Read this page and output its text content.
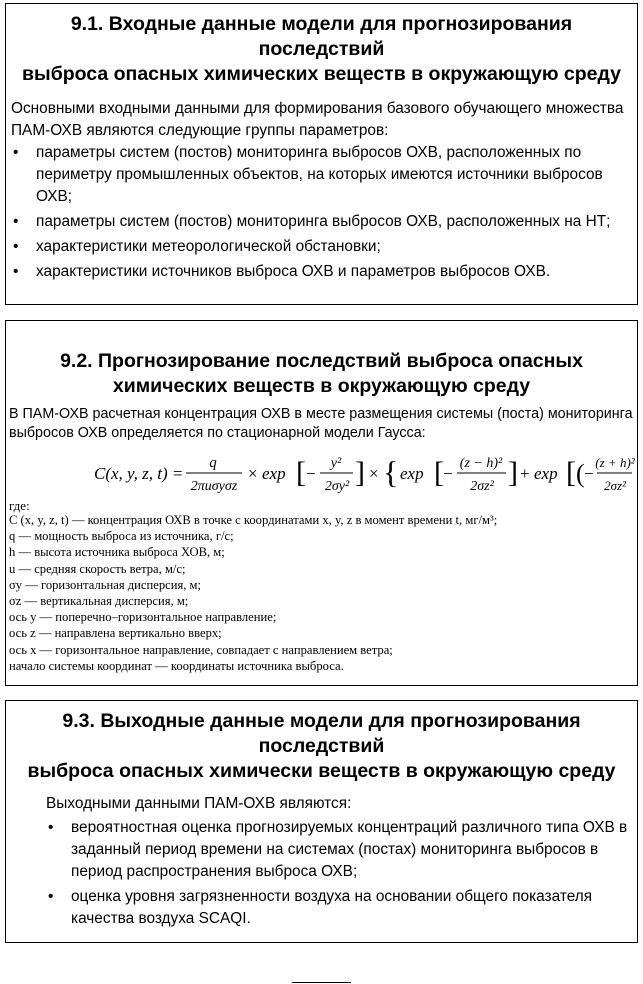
9.1. Входные данные модели для прогнозирования последствий
выброса опасных химических веществ в окружающую среду

Основными входными данными для формирования базового обучающего множества ПАМ-ОХВ являются следующие группы параметров:

• параметры систем (постов) мониторинга выбросов ОХВ, расположенных по периметру промышленных объектов, на которых имеются источники выбросов ОХВ;
• параметры систем (постов) мониторинга выбросов ОХВ, расположенных на НТ;
• характеристики метеорологической обстановки;
• характеристики источников выброса ОХВ и параметров выбросов ОХВ.
9.2. Прогнозирование последствий выброса опасных
химических веществ в окружающую среду

В ПАМ-ОХВ расчетная концентрация ОХВ в месте размещения системы (поста) мониторинга выбросов ОХВ определяется по стационарной модели Гаусса:

C(x, y, z, t) =
q
2πuσyσz
× exp [ −
y²
2σy² ] × { exp [ −
(z − h)²
2σz² ] + exp [ ( −
(z + h)²
2σz²
где:
C (x, y, z, t) — концентрация ОХВ в точке с координатами x, y, z в момент времени t, мг/м³;
q — мощность выброса из источника, г/с;
h — высота источника выброса ХОВ, м;
u — средняя скорость ветра, м/с;
σy — горизонтальная дисперсия, м;
σz — вертикальная дисперсия, м;
ось y — поперечно–горизонтальное направление;
ось z — направлена вертикально вверх;
ось x — горизонтальное направление, совпадает с направлением ветра;
начало системы координат — координаты источника выброса.
9.3. Выходные данные модели для прогнозирования последствий
выброса опасных химически веществ в окружающую среду

Выходными данными ПАМ-ОХВ являются:

• вероятностная оценка прогнозируемых концентраций различного типа ОХВ в заданный период времени на системах (постах) мониторинга выбросов в период распространения выброса ОХВ;
• оценка уровня загрязненности воздуха на основании общего показателя качества воздуха SCAQI.
